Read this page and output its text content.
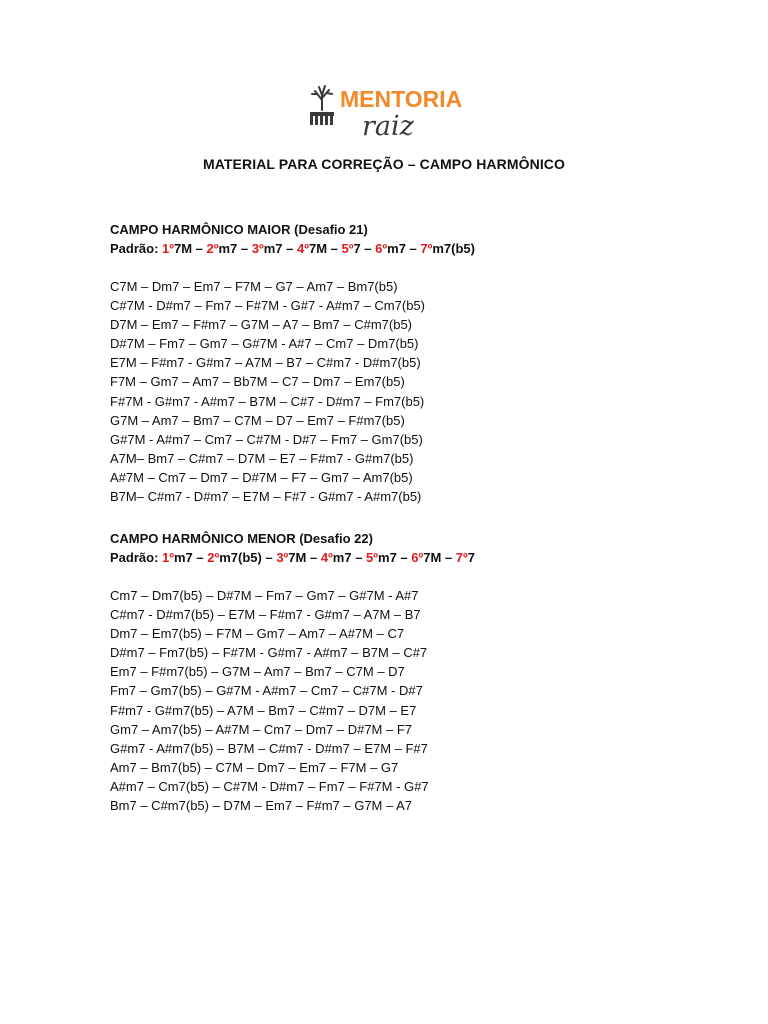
MENTORIA
raiz
MATERIAL PARA CORREÇÃO – CAMPO HARMÔNICO
CAMPO HARMÔNICO MAIOR (Desafio 21)
Padrão: 1º7M – 2ºm7 – 3ºm7 – 4º7M – 5º7 – 6ºm7 – 7ºm7(b5)
C7M – Dm7 – Em7 – F7M – G7 – Am7 – Bm7(b5)
C#7M - D#m7 – Fm7 – F#7M - G#7 - A#m7 – Cm7(b5)
D7M – Em7 – F#m7 – G7M – A7 – Bm7 – C#m7(b5)
D#7M – Fm7 – Gm7 – G#7M - A#7 – Cm7 – Dm7(b5)
E7M – F#m7 - G#m7 – A7M – B7 – C#m7 - D#m7(b5)
F7M – Gm7 – Am7 – Bb7M – C7 – Dm7 – Em7(b5)
F#7M - G#m7 - A#m7 – B7M – C#7 - D#m7 – Fm7(b5)
G7M – Am7 – Bm7 – C7M – D7 – Em7 – F#m7(b5)
G#7M - A#m7 – Cm7 – C#7M - D#7 – Fm7 – Gm7(b5)
A7M– Bm7 – C#m7 – D7M – E7 – F#m7 - G#m7(b5)
A#7M – Cm7 – Dm7 – D#7M – F7 – Gm7 – Am7(b5)
B7M– C#m7 - D#m7 – E7M – F#7 - G#m7 - A#m7(b5)
CAMPO HARMÔNICO MENOR (Desafio 22)
Padrão: 1ºm7 – 2ºm7(b5) – 3º7M – 4ºm7 – 5ºm7 – 6º7M – 7º7
Cm7 – Dm7(b5) – D#7M – Fm7 – Gm7 – G#7M - A#7
C#m7 - D#m7(b5) – E7M – F#m7 - G#m7 – A7M – B7
Dm7 – Em7(b5) – F7M – Gm7 – Am7 – A#7M – C7
D#m7 – Fm7(b5) – F#7M - G#m7 - A#m7 – B7M – C#7
Em7 – F#m7(b5) – G7M – Am7 – Bm7 – C7M – D7
Fm7 – Gm7(b5) – G#7M - A#m7 – Cm7 – C#7M - D#7
F#m7 - G#m7(b5) – A7M – Bm7 – C#m7 – D7M – E7
Gm7 – Am7(b5) – A#7M – Cm7 – Dm7 – D#7M – F7
G#m7 - A#m7(b5) – B7M – C#m7 - D#m7 – E7M – F#7
Am7 – Bm7(b5) – C7M – Dm7 – Em7 – F7M – G7
A#m7 – Cm7(b5) – C#7M - D#m7 – Fm7 – F#7M - G#7
Bm7 – C#m7(b5) – D7M – Em7 – F#m7 – G7M – A7
